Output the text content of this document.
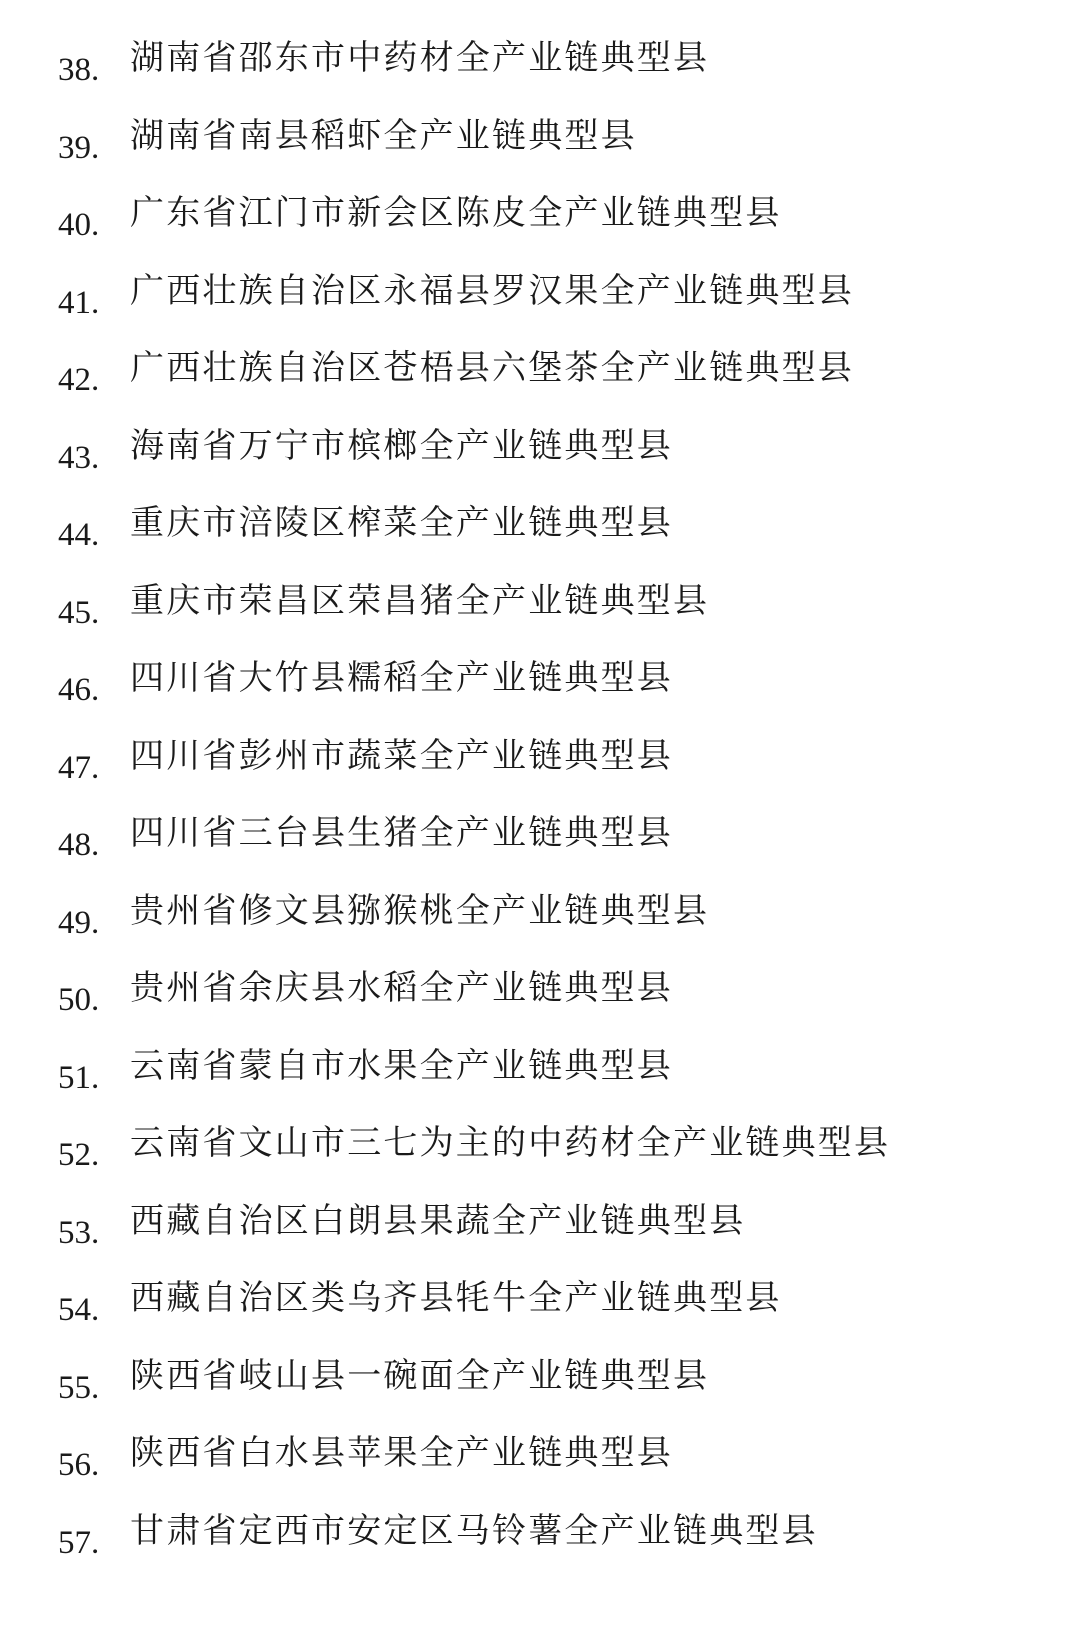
38. 湖南省邵东市中药材全产业链典型县
39. 湖南省南县稻虾全产业链典型县
40. 广东省江门市新会区陈皮全产业链典型县
41. 广西壮族自治区永福县罗汉果全产业链典型县
42. 广西壮族自治区苍梧县六堡茶全产业链典型县
43. 海南省万宁市槟榔全产业链典型县
44. 重庆市涪陵区榨菜全产业链典型县
45. 重庆市荣昌区荣昌猪全产业链典型县
46. 四川省大竹县糯稻全产业链典型县
47. 四川省彭州市蔬菜全产业链典型县
48. 四川省三台县生猪全产业链典型县
49. 贵州省修文县猕猴桃全产业链典型县
50. 贵州省余庆县水稻全产业链典型县
51. 云南省蒙自市水果全产业链典型县
52. 云南省文山市三七为主的中药材全产业链典型县
53. 西藏自治区白朗县果蔬全产业链典型县
54. 西藏自治区类乌齐县牦牛全产业链典型县
55. 陕西省岐山县一碗面全产业链典型县
56. 陕西省白水县苹果全产业链典型县
57. 甘肃省定西市安定区马铃薯全产业链典型县
